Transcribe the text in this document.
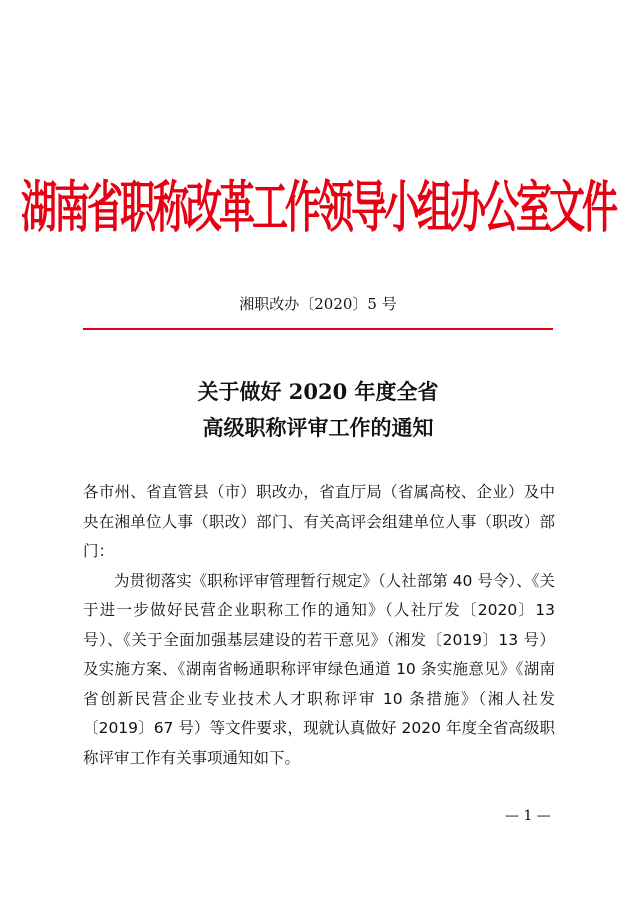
湖南省职称改革工作领导小组办公室文件
湘职改办〔2020〕5 号
关于做好 2020 年度全省
高级职称评审工作的通知

各市州、省直管县（市）职改办，省直厅局（省属高校、企业）及中央在湘单位人事（职改）部门、有关高评会组建单位人事（职改）部门：

为贯彻落实《职称评审管理暂行规定》（人社部第 40 号令）、《关于进一步做好民营企业职称工作的通知》（人社厅发〔2020〕13 号）、《关于全面加强基层建设的若干意见》（湘发〔2019〕13 号）及实施方案、《湖南省畅通职称评审绿色通道 10 条实施意见》《湖南省创新民营企业专业技术人才职称评审 10 条措施》（湘人社发〔2019〕67 号）等文件要求，现就认真做好 2020 年度全省高级职称评审工作有关事项通知如下。

— 1 —
